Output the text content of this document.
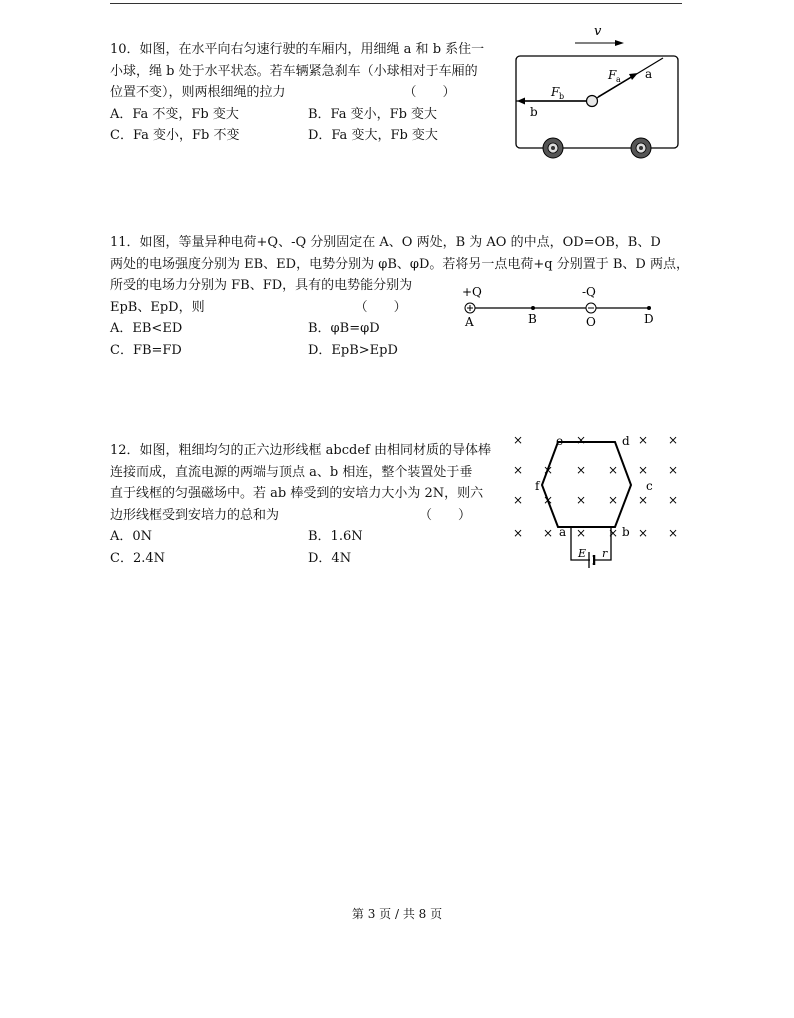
10．如图，在水平向右匀速行驶的车厢内，用细绳 a 和 b 系住一

小球，绳 b 处于水平状态。若车辆紧急刹车（小球相对于车厢的

位置不变），则两根细绳的拉力	（　　）

A．Fa 不变，Fb 变大	B．Fa 变小，Fb 变大
C．Fa 变小，Fb 不变	D．Fa 变大，Fb 变大
v
F a a
F b
b

11．如图，等量异种电荷+Q、-Q 分别固定在 A、O 两处，B 为 AO 的中点，OD=OB，B、D

两处的电场强度分别为 EB、ED，电势分别为 φB、φD。若将另一点电荷+q 分别置于 B、D 两点，

所受的电场力分别为 FB、FD，具有的电势能分别为

EpB、EpD，则	（　　）

A．EB<ED	B．φB=φD
C．FB=FD	D．EpB>EpD
+Q	-Q
A	B	O	D

12．如图，粗细均匀的正六边形线框 abcdef 由相同材质的导体棒

连接而成，直流电源的两端与顶点 a、b 相连，整个装置处于垂

直于线框的匀强磁场中。若 ab 棒受到的安培力大小为 2N，则六

边形线框受到安培力的总和为	（　　）

A．0N	B．1.6N
C．2.4N	D．4N
×	×	× ×
× × × × × ×
× × × × × ×
× × × × × ×
E r
a	b
c
d
e
f
第 3 页 / 共 8 页
